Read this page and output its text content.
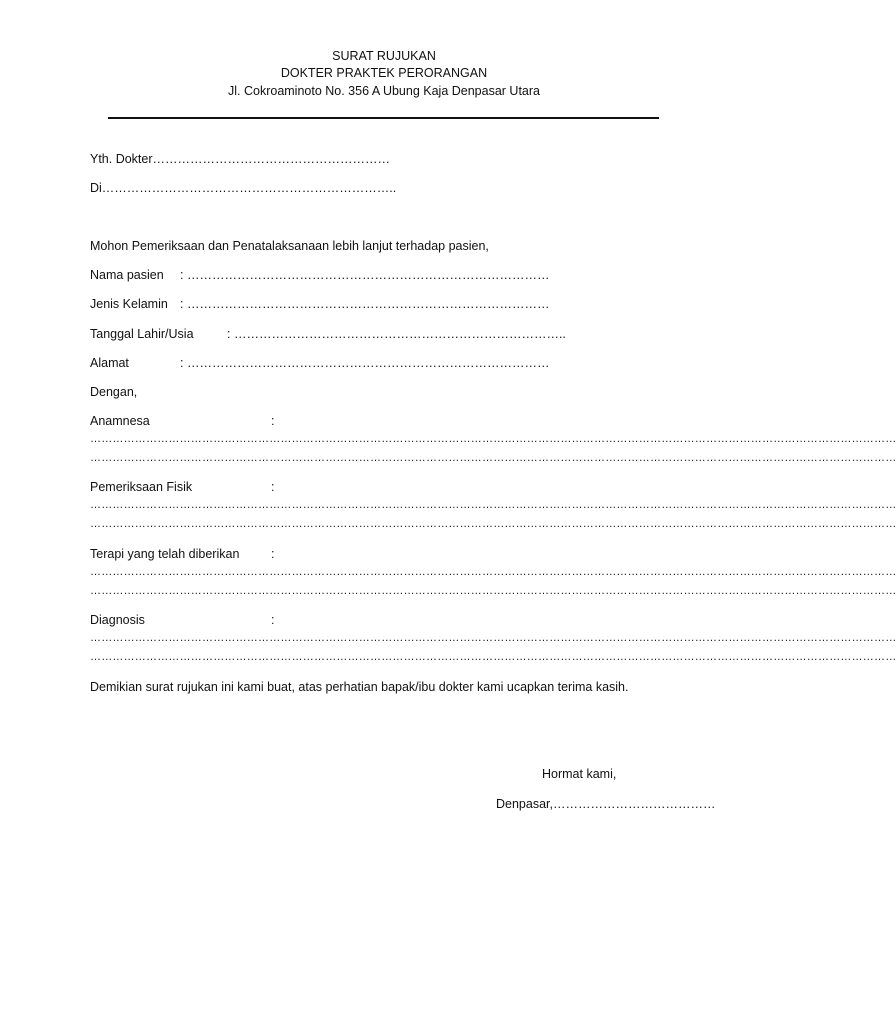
SURAT RUJUKAN
DOKTER PRAKTEK PERORANGAN
Jl. Cokroaminoto No. 356 A Ubung Kaja Denpasar Utara
Yth. Dokter…………………………………………………
Di……………………………………………………………..
Mohon Pemeriksaan dan Penatalaksanaan lebih lanjut terhadap pasien,
Nama pasien : ……………………………………………………………………………
Jenis Kelamin : ……………………………………………………………………………
Tanggal Lahir/Usia	: ……………………………………………………………………..
Alamat	: ……………………………………………………………………………
Dengan,
Anamnesa	:
………………………………………………………………………………………………………………………………………………………………………………………………
………………………………………………………………………………………………………………………………………………………………………………………………
Pemeriksaan Fisik	:
………………………………………………………………………………………………………………………………………………………………………………………………
………………………………………………………………………………………………………………………………………………………………………………………………
Terapi yang telah diberikan	:
………………………………………………………………………………………………………………………………………………………………………………………………
………………………………………………………………………………………………………………………………………………………………………………………………
Diagnosis	:
………………………………………………………………………………………………………………………………………………………………………………………………
………………………………………………………………………………………………………………………………………………………………………………………………
Demikian surat rujukan ini kami buat, atas perhatian bapak/ibu dokter kami ucapkan terima kasih.
Hormat kami,
Denpasar,…………………………………
